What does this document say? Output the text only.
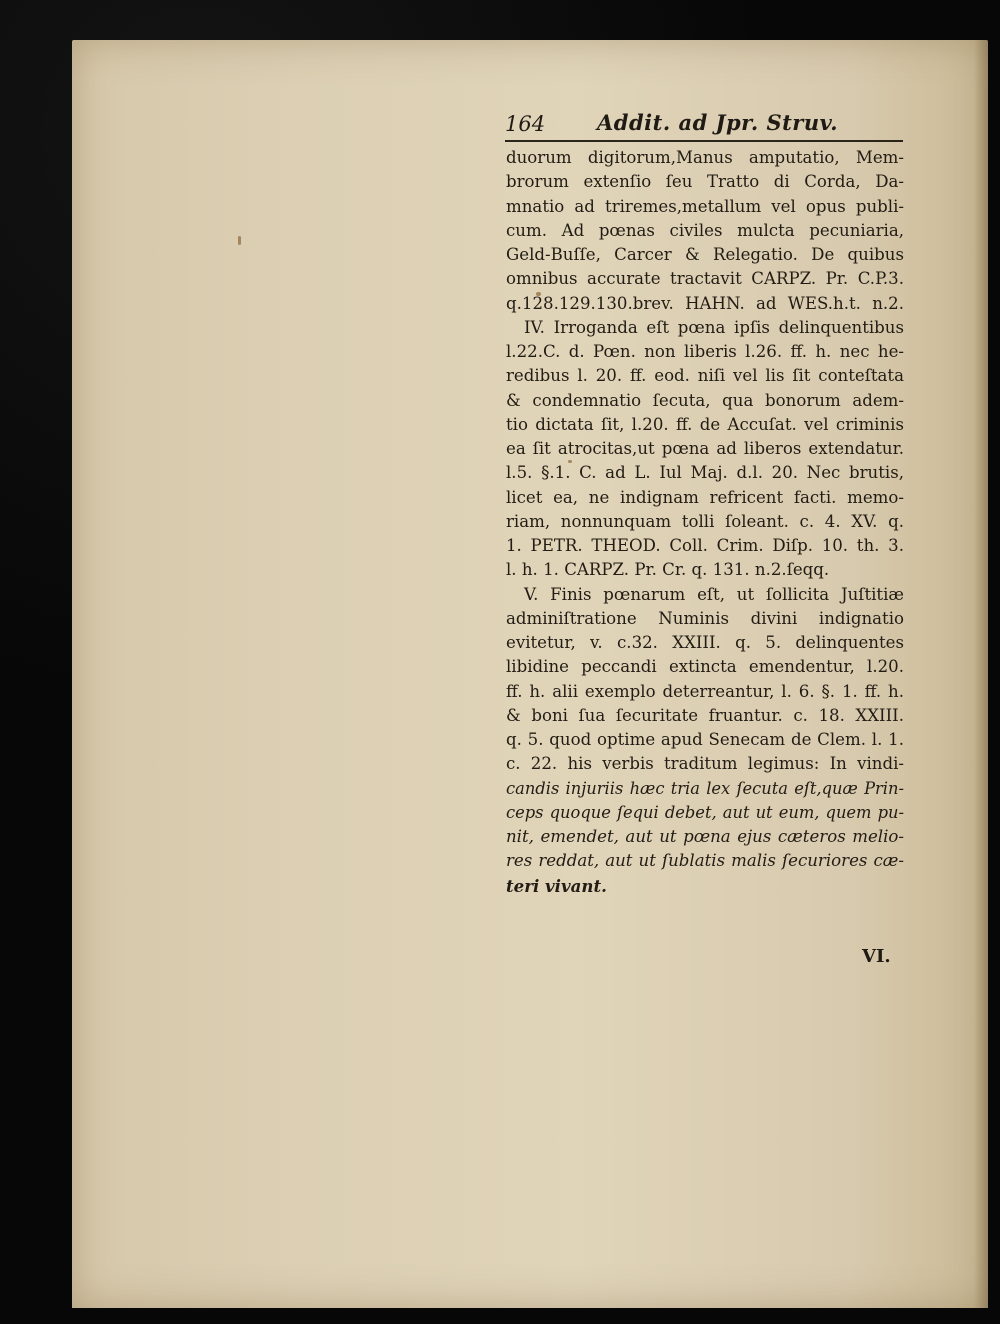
164 Addit. ad Jpr. Struv.
duorum digitorum,Manus amputatio, Mem-
brorum extenſio ſeu Tratto di Corda, Da-
mnatio ad triremes,metallum vel opus publi-
cum. Ad pœnas civiles mulcta pecuniaria,
Geld-Buſſe, Carcer & Relegatio. De quibus
omnibus accurate tractavit CARPZ. Pr. C.P.3.
q.128.129.130.brev. HAHN. ad WES.h.t. n.2.
IV. Irroganda eſt pœna ipſis delinquentibus
l.22.C. d. Pœn. non liberis l.26. ff. h. nec he-
redibus l. 20. ff. eod. niſi vel lis ſit conteſtata
& condemnatio ſecuta, qua bonorum adem-
tio dictata ſit, l.20. ff. de Accuſat. vel criminis
ea ſit atrocitas,ut pœna ad liberos extendatur.
l.5. §.1. C. ad L. Iul Maj. d.l. 20. Nec brutis,
licet ea, ne indignam refricent facti. memo-
riam, nonnunquam tolli ſoleant. c. 4. XV. q.
1. PETR. THEOD. Coll. Crim. Diſp. 10. th. 3.
l. h. 1. CARPZ. Pr. Cr. q. 131. n.2.ſeqq.
V. Finis pœnarum eſt, ut ſollicita Juſtitiæ
adminiſtratione Numinis divini indignatio
evitetur, v. c.32. XXIII. q. 5. delinquentes
libidine peccandi extincta emendentur, l.20.
ff. h. alii exemplo deterreantur, l. 6. §. 1. ff. h.
& boni ſua ſecuritate fruantur. c. 18. XXIII.
q. 5. quod optime apud Senecam de Clem. l. 1.
c. 22. his verbis traditum legimus: In vindi-
candis injuriis hæc tria lex ſecuta eſt,quæ Prin-
ceps quoque ſequi debet, aut ut eum, quem pu-
nit, emendet, aut ut pœna ejus cæteros melio-
res reddat, aut ut ſublatis malis ſecuriores cæ-
teri vivant.
VI.
